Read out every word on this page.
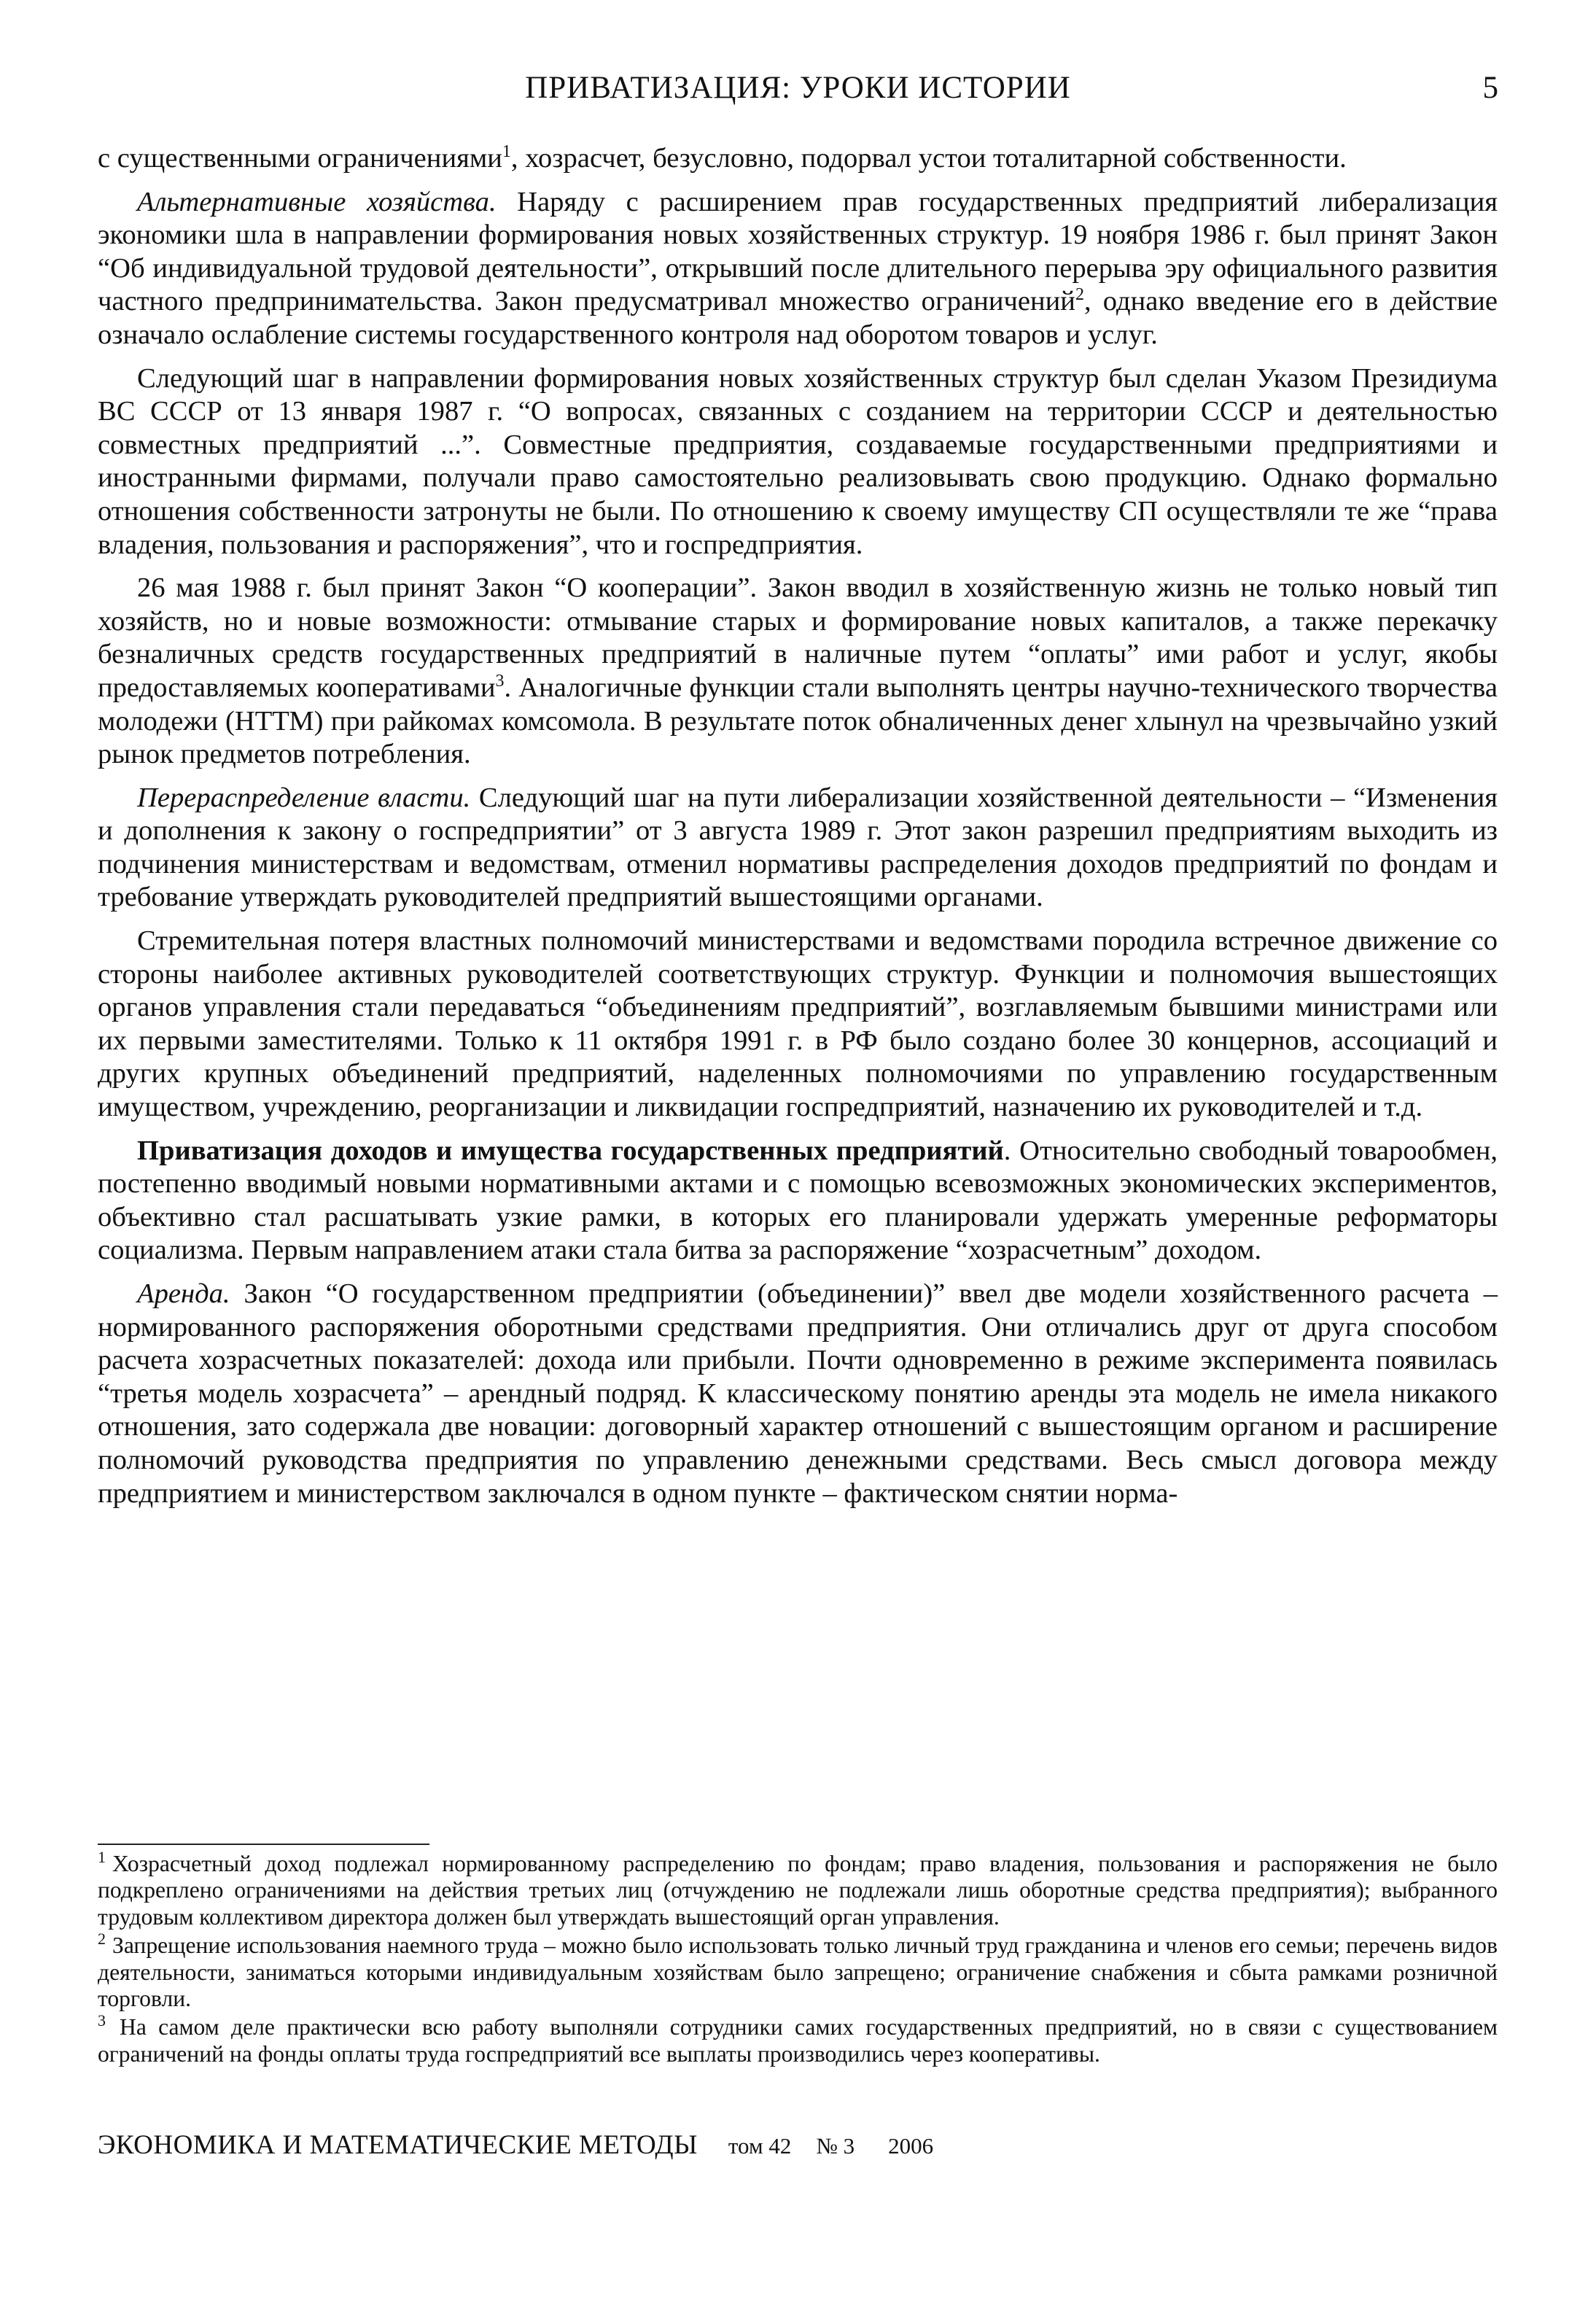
ПРИВАТИЗАЦИЯ: УРОКИ ИСТОРИИ	5

с существенными ограничениями$^1$, хозрасчет, безусловно, подорвал устои тоталитарной собственности.

Альтернативные хозяйства. Наряду с расширением прав государственных предприятий либерализация экономики шла в направлении формирования новых хозяйственных структур. 19 ноября 1986 г. был принят Закон “Об индивидуальной трудовой деятельности”, открывший после длительного перерыва эру официального развития частного предпринимательства. Закон предусматривал множество ограничений$^2$, однако введение его в действие означало ослабление системы государственного контроля над оборотом товаров и услуг.

Следующий шаг в направлении формирования новых хозяйственных структур был сделан Указом Президиума ВС СССР от 13 января 1987 г. “О вопросах, связанных с созданием на территории СССР и деятельностью совместных предприятий ...”. Совместные предприятия, создаваемые государственными предприятиями и иностранными фирмами, получали право самостоятельно реализовывать свою продукцию. Однако формально отношения собственности затронуты не были. По отношению к своему имуществу СП осуществляли те же “права владения, пользования и распоряжения”, что и госпредприятия.

26 мая 1988 г. был принят Закон “О кооперации”. Закон вводил в хозяйственную жизнь не только новый тип хозяйств, но и новые возможности: отмывание старых и формирование новых капиталов, а также перекачку безналичных средств государственных предприятий в наличные путем “оплаты” ими работ и услуг, якобы предоставляемых кооперативами$^3$. Аналогичные функции стали выполнять центры научно-технического творчества молодежи (НТТМ) при райкомах комсомола. В результате поток обналиченных денег хлынул на чрезвычайно узкий рынок предметов потребления.

Перераспределение власти. Следующий шаг на пути либерализации хозяйственной деятельности – “Изменения и дополнения к закону о госпредприятии” от 3 августа 1989 г. Этот закон разрешил предприятиям выходить из подчинения министерствам и ведомствам, отменил нормативы распределения доходов предприятий по фондам и требование утверждать руководителей предприятий вышестоящими органами.

Стремительная потеря властных полномочий министерствами и ведомствами породила встречное движение со стороны наиболее активных руководителей соответствующих структур. Функции и полномочия вышестоящих органов управления стали передаваться “объединениям предприятий”, возглавляемым бывшими министрами или их первыми заместителями. Только к 11 октября 1991 г. в РФ было создано более 30 концернов, ассоциаций и других крупных объединений предприятий, наделенных полномочиями по управлению государственным имуществом, учреждению, реорганизации и ликвидации госпредприятий, назначению их руководителей и т.д.

Приватизация доходов и имущества государственных предприятий. Относительно свободный товарообмен, постепенно вводимый новыми нормативными актами и с помощью всевозможных экономических экспериментов, объективно стал расшатывать узкие рамки, в которых его планировали удержать умеренные реформаторы социализма. Первым направлением атаки стала битва за распоряжение “хозрасчетным” доходом.

Аренда. Закон “О государственном предприятии (объединении)” ввел две модели хозяйственного расчета – нормированного распоряжения оборотными средствами предприятия. Они отличались друг от друга способом расчета хозрасчетных показателей: дохода или прибыли. Почти одновременно в режиме эксперимента появилась “третья модель хозрасчета” – арендный подряд. К классическому понятию аренды эта модель не имела никакого отношения, зато содержала две новации: договорный характер отношений с вышестоящим органом и расширение полномочий руководства предприятия по управлению денежными средствами. Весь смысл договора между предприятием и министерством заключался в одном пункте – фактическом снятии норма-

1 Хозрасчетный доход подлежал нормированному распределению по фондам; право владения, пользования и распоряжения не было подкреплено ограничениями на действия третьих лиц (отчуждению не подлежали лишь оборотные средства предприятия); выбранного трудовым коллективом директора должен был утверждать вышестоящий орган управления.

2 Запрещение использования наемного труда – можно было использовать только личный труд гражданина и членов его семьи; перечень видов деятельности, заниматься которыми индивидуальным хозяйствам было запрещено; ограничение снабжения и сбыта рамками розничной торговли.

3 На самом деле практически всю работу выполняли сотрудники самих государственных предприятий, но в связи с существованием ограничений на фонды оплаты труда госпредприятий все выплаты производились через кооперативы.

ЭКОНОМИКА И МАТЕМАТИЧЕСКИЕ МЕТОДЫ том 42 № 3 2006
